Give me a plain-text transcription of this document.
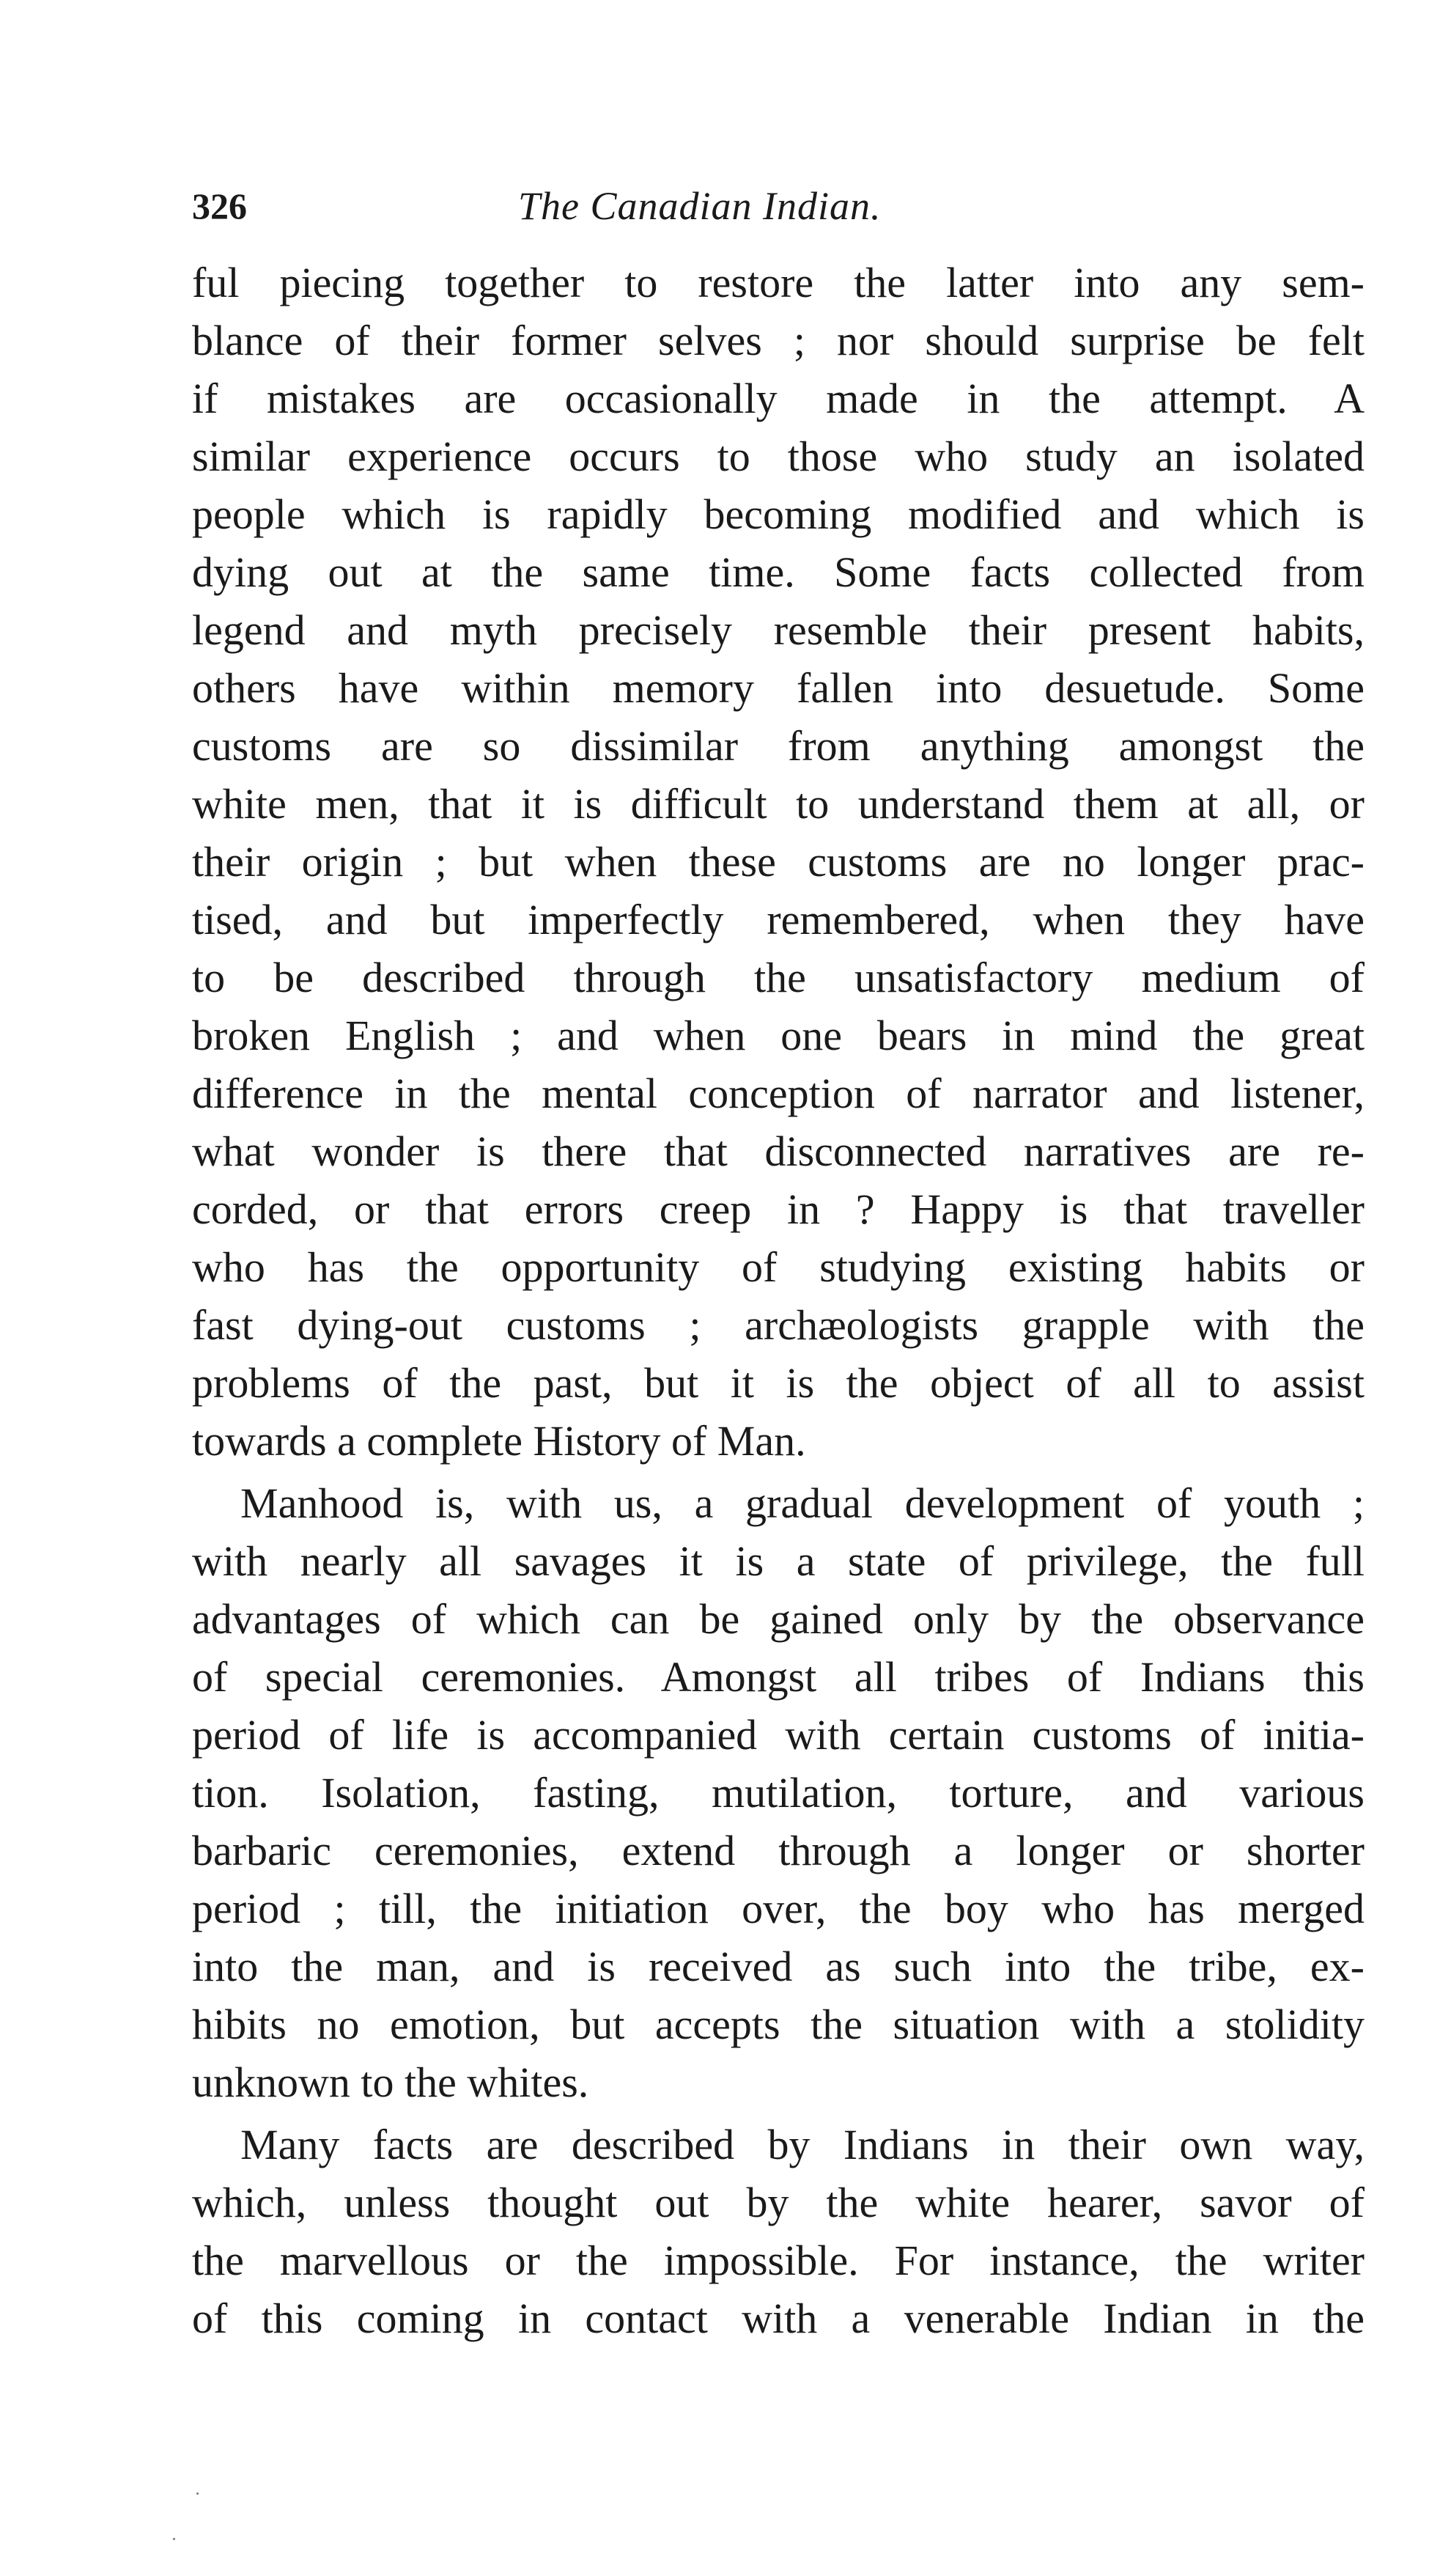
326	The Canadian Indian.
ful piecing together to restore the latter into any sem-
blance of their former selves ; nor should surprise be felt
if mistakes are occasionally made in the attempt. A
similar experience occurs to those who study an isolated
people which is rapidly becoming modified and which is
dying out at the same time. Some facts collected from
legend and myth precisely resemble their present habits,
others have within memory fallen into desuetude. Some
customs are so dissimilar from anything amongst the
white men, that it is difficult to understand them at all, or
their origin ; but when these customs are no longer prac-
tised, and but imperfectly remembered, when they have
to be described through the unsatisfactory medium of
broken English ; and when one bears in mind the great
difference in the mental conception of narrator and listener,
what wonder is there that disconnected narratives are re-
corded, or that errors creep in ? Happy is that traveller
who has the opportunity of studying existing habits or
fast dying-out customs ; archæologists grapple with the
problems of the past, but it is the object of all to assist
towards a complete History of Man.
Manhood is, with us, a gradual development of youth ;
with nearly all savages it is a state of privilege, the full
advantages of which can be gained only by the observance
of special ceremonies. Amongst all tribes of Indians this
period of life is accompanied with certain customs of initia-
tion. Isolation, fasting, mutilation, torture, and various
barbaric ceremonies, extend through a longer or shorter
period ; till, the initiation over, the boy who has merged
into the man, and is received as such into the tribe, ex-
hibits no emotion, but accepts the situation with a stolidity
unknown to the whites.
Many facts are described by Indians in their own way,
which, unless thought out by the white hearer, savor of
the marvellous or the impossible. For instance, the writer
of this coming in contact with a venerable Indian in the
